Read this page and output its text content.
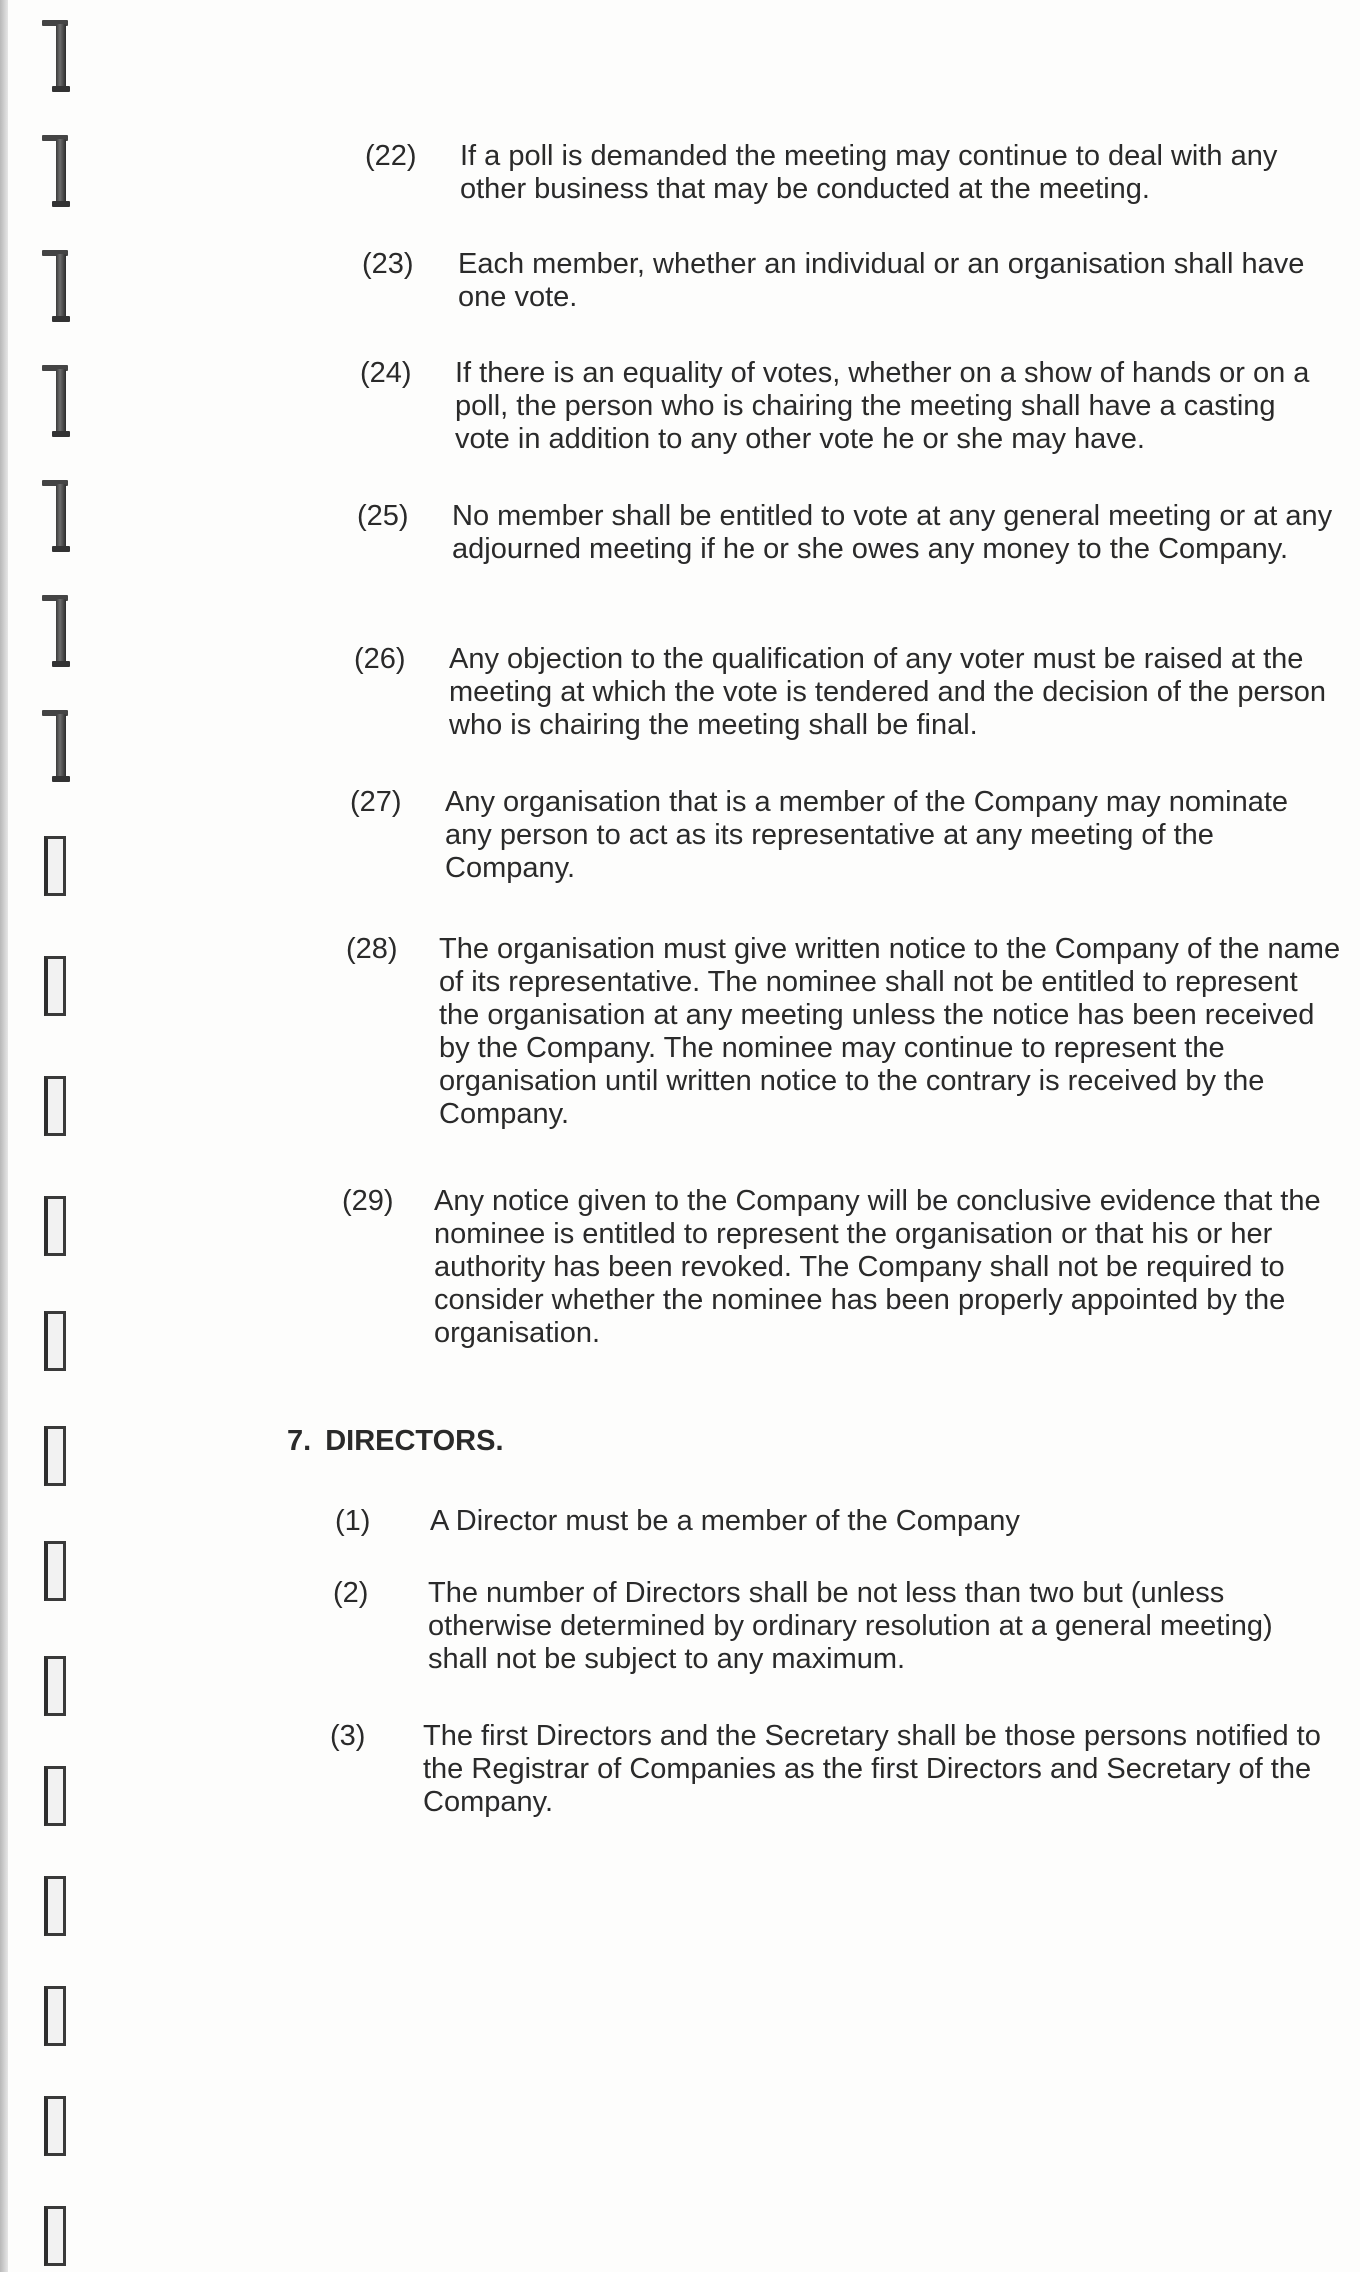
(22) If a poll is demanded the meeting may continue to deal with any other business that may be conducted at the meeting.
(23) Each member, whether an individual or an organisation shall have one vote.
(24) If there is an equality of votes, whether on a show of hands or on a poll, the person who is chairing the meeting shall have a casting vote in addition to any other vote he or she may have.
(25) No member shall be entitled to vote at any general meeting or at any adjourned meeting if he or she owes any money to the Company.
(26) Any objection to the qualification of any voter must be raised at the meeting at which the vote is tendered and the decision of the person who is chairing the meeting shall be final.
(27) Any organisation that is a member of the Company may nominate any person to act as its representative at any meeting of the Company.
(28) The organisation must give written notice to the Company of the name of its representative. The nominee shall not be entitled to represent the organisation at any meeting unless the notice has been received by the Company. The nominee may continue to represent the organisation until written notice to the contrary is received by the Company.
(29) Any notice given to the Company will be conclusive evidence that the nominee is entitled to represent the organisation or that his or her authority has been revoked. The Company shall not be required to consider whether the nominee has been properly appointed by the organisation.
7. DIRECTORS.
(1) A Director must be a member of the Company
(2) The number of Directors shall be not less than two but (unless otherwise determined by ordinary resolution at a general meeting) shall not be subject to any maximum.
(3) The first Directors and the Secretary shall be those persons notified to the Registrar of Companies as the first Directors and Secretary of the Company.
